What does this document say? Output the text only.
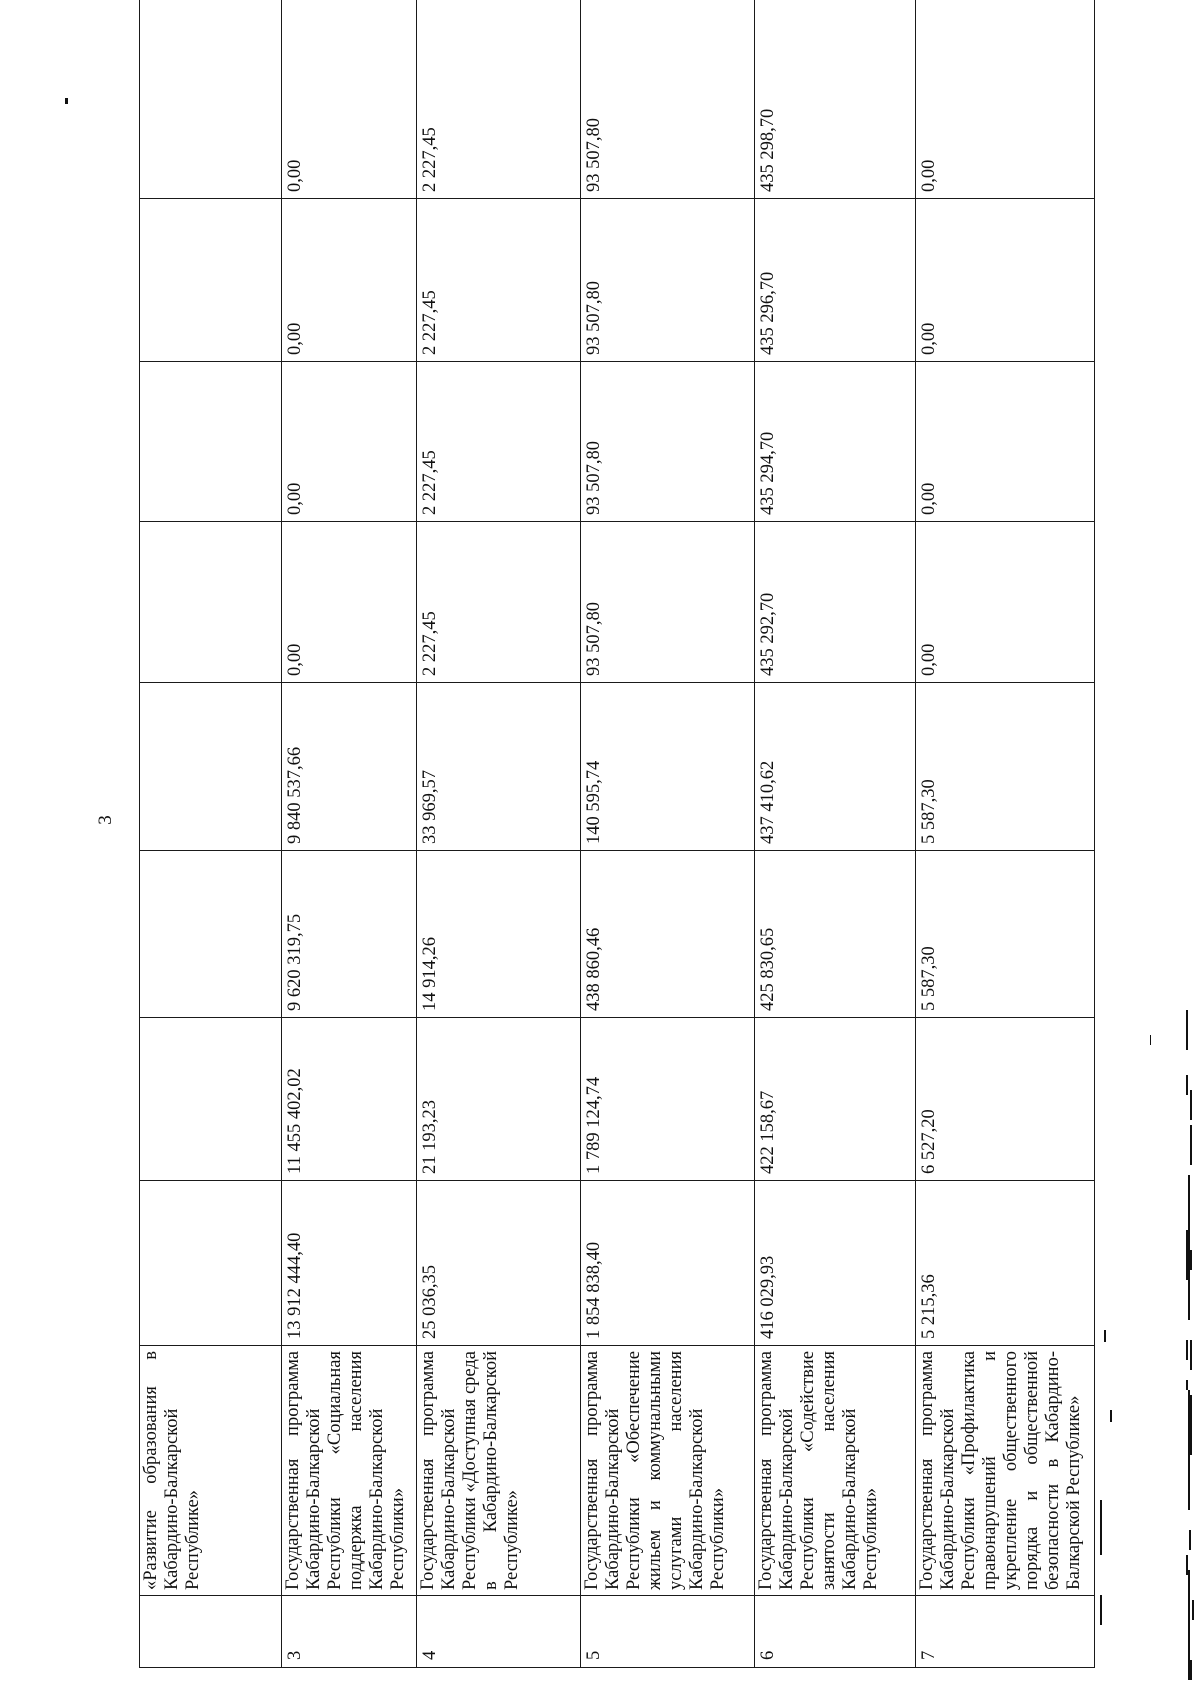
3
	«Развитие образования в Кабардино-Балкарской Республике»								
3	Государственная программа Кабардино-Балкарской Республики «Социальная поддержка населения Кабардино-Балкарской Республики»	13 912 444,40	11 455 402,02	9 620 319,75	9 840 537,66	0,00	0,00	0,00	0,00
4	Государственная программа Кабардино-Балкарской Республики «Доступная среда в Кабардино-Балкарской Республике»	25 036,35	21 193,23	14 914,26	33 969,57	2 227,45	2 227,45	2 227,45	2 227,45
5	Государственная программа Кабардино-Балкарской Республики «Обеспечение жильем и коммунальными услугами населения Кабардино-Балкарской Республики»	1 854 838,40	1 789 124,74	438 860,46	140 595,74	93 507,80	93 507,80	93 507,80	93 507,80
6	Государственная программа Кабардино-Балкарской Республики «Содействие занятости населения Кабардино-Балкарской Республики»	416 029,93	422 158,67	425 830,65	437 410,62	435 292,70	435 294,70	435 296,70	435 298,70
7	Государственная программа Кабардино-Балкарской Республики «Профилактика правонарушений и укрепление общественного порядка и общественной безопасности в Кабардино-Балкарской Республике»	5 215,36	6 527,20	5 587,30	5 587,30	0,00	0,00	0,00	0,00
